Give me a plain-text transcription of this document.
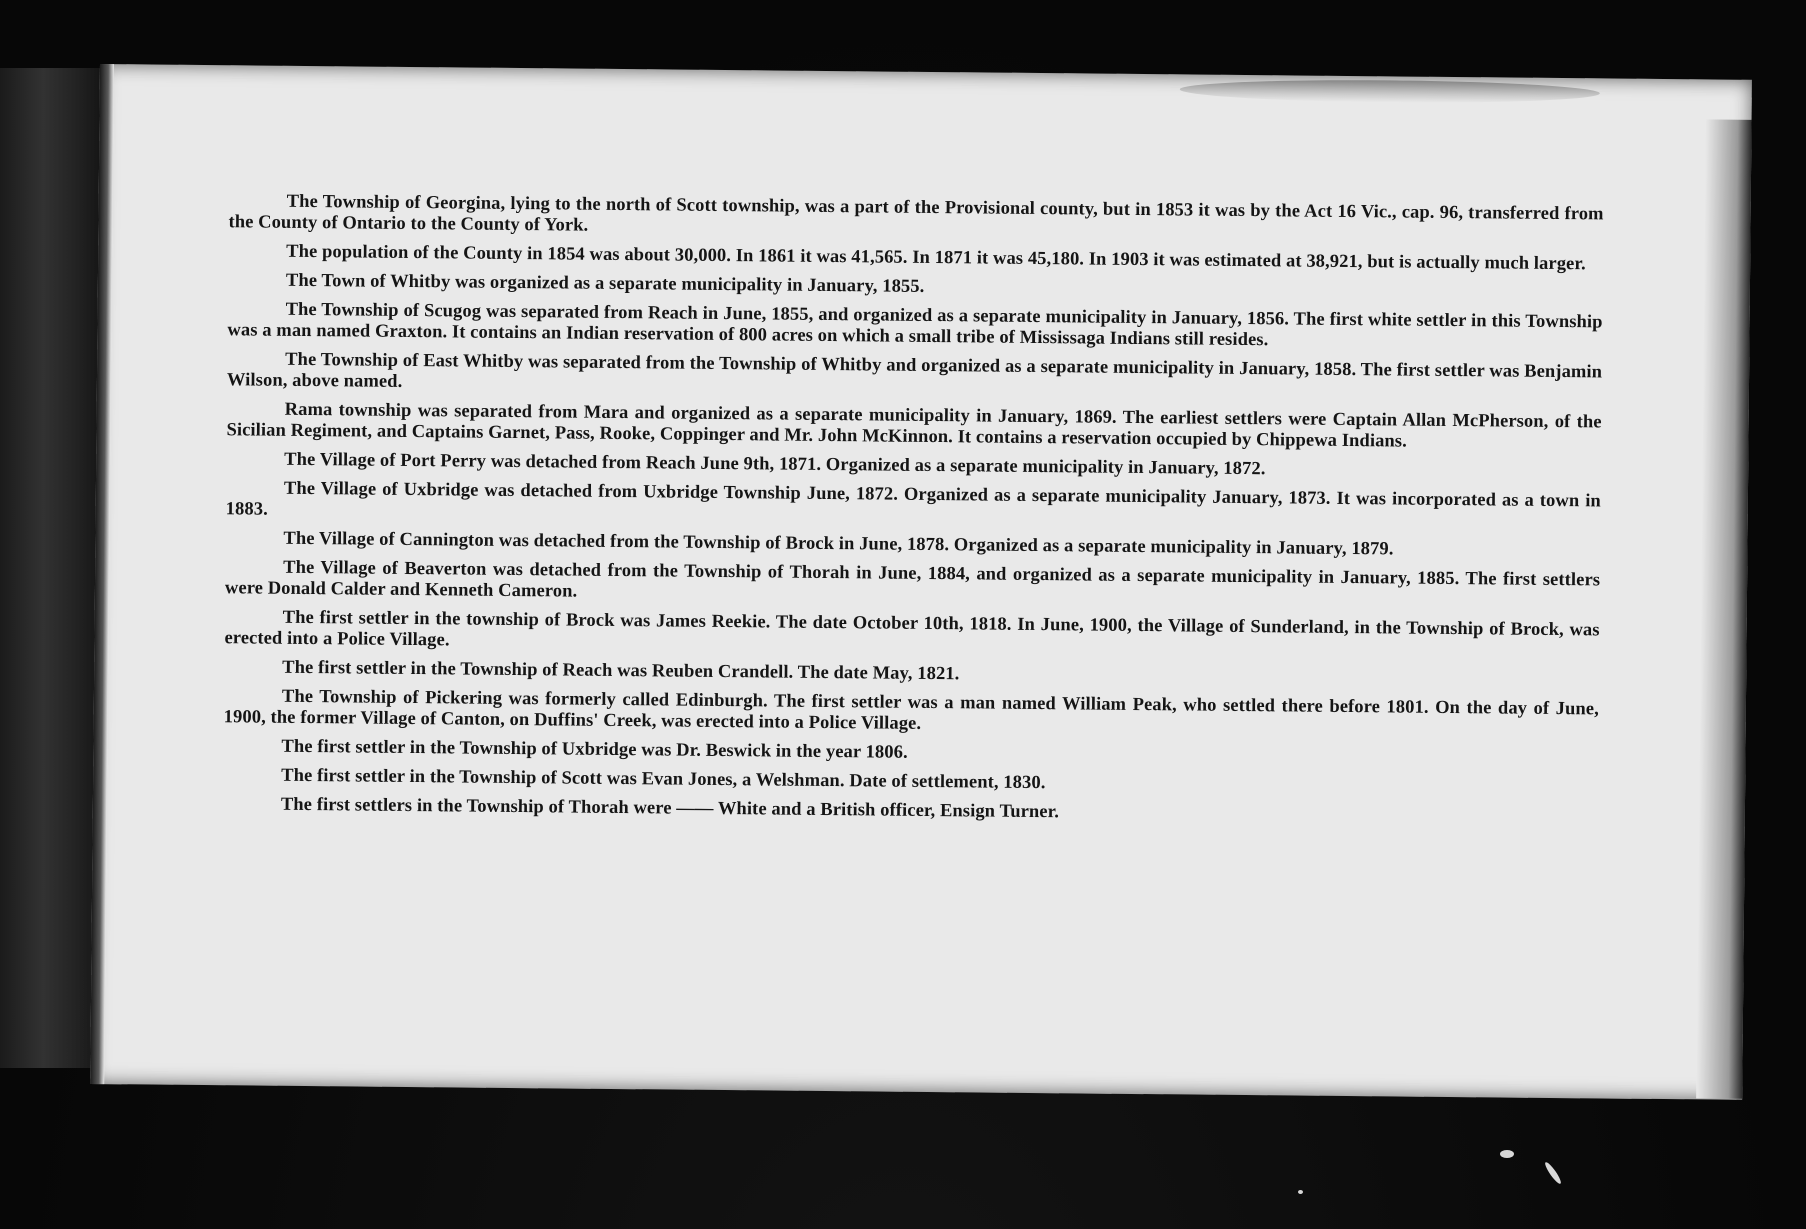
The Township of Georgina, lying to the north of Scott township, was a part of the Provisional county, but in 1853 it was by the Act 16 Vic., cap. 96, transferred from the County of Ontario to the County of York.

The population of the County in 1854 was about 30,000. In 1861 it was 41,565. In 1871 it was 45,180. In 1903 it was estimated at 38,921, but is actually much larger.

The Town of Whitby was organized as a separate municipality in January, 1855.

The Township of Scugog was separated from Reach in June, 1855, and organized as a separate municipality in January, 1856. The first white settler in this Township was a man named Graxton. It contains an Indian reservation of 800 acres on which a small tribe of Mississaga Indians still resides.

The Township of East Whitby was separated from the Township of Whitby and organized as a separate municipality in January, 1858. The first settler was Benjamin Wilson, above named.

Rama township was separated from Mara and organized as a separate municipality in January, 1869. The earliest settlers were Captain Allan McPherson, of the Sicilian Regiment, and Captains Garnet, Pass, Rooke, Coppinger and Mr. John McKinnon. It contains a reservation occupied by Chippewa Indians.

The Village of Port Perry was detached from Reach June 9th, 1871. Organized as a separate municipality in January, 1872.

The Village of Uxbridge was detached from Uxbridge Township June, 1872. Organized as a separate municipality January, 1873. It was incorporated as a town in 1883.

The Village of Cannington was detached from the Township of Brock in June, 1878. Organized as a separate municipality in January, 1879.

The Village of Beaverton was detached from the Township of Thorah in June, 1884, and organized as a separate municipality in January, 1885. The first settlers were Donald Calder and Kenneth Cameron.

The first settler in the township of Brock was James Reekie. The date October 10th, 1818. In June, 1900, the Village of Sunderland, in the Township of Brock, was erected into a Police Village.

The first settler in the Township of Reach was Reuben Crandell. The date May, 1821.

The Township of Pickering was formerly called Edinburgh. The first settler was a man named William Peak, who settled there before 1801. On the day of June, 1900, the former Village of Canton, on Duffins' Creek, was erected into a Police Village.

The first settler in the Township of Uxbridge was Dr. Beswick in the year 1806.

The first settler in the Township of Scott was Evan Jones, a Welshman. Date of settlement, 1830.

The first settlers in the Township of Thorah were —— White and a British officer, Ensign Turner.
